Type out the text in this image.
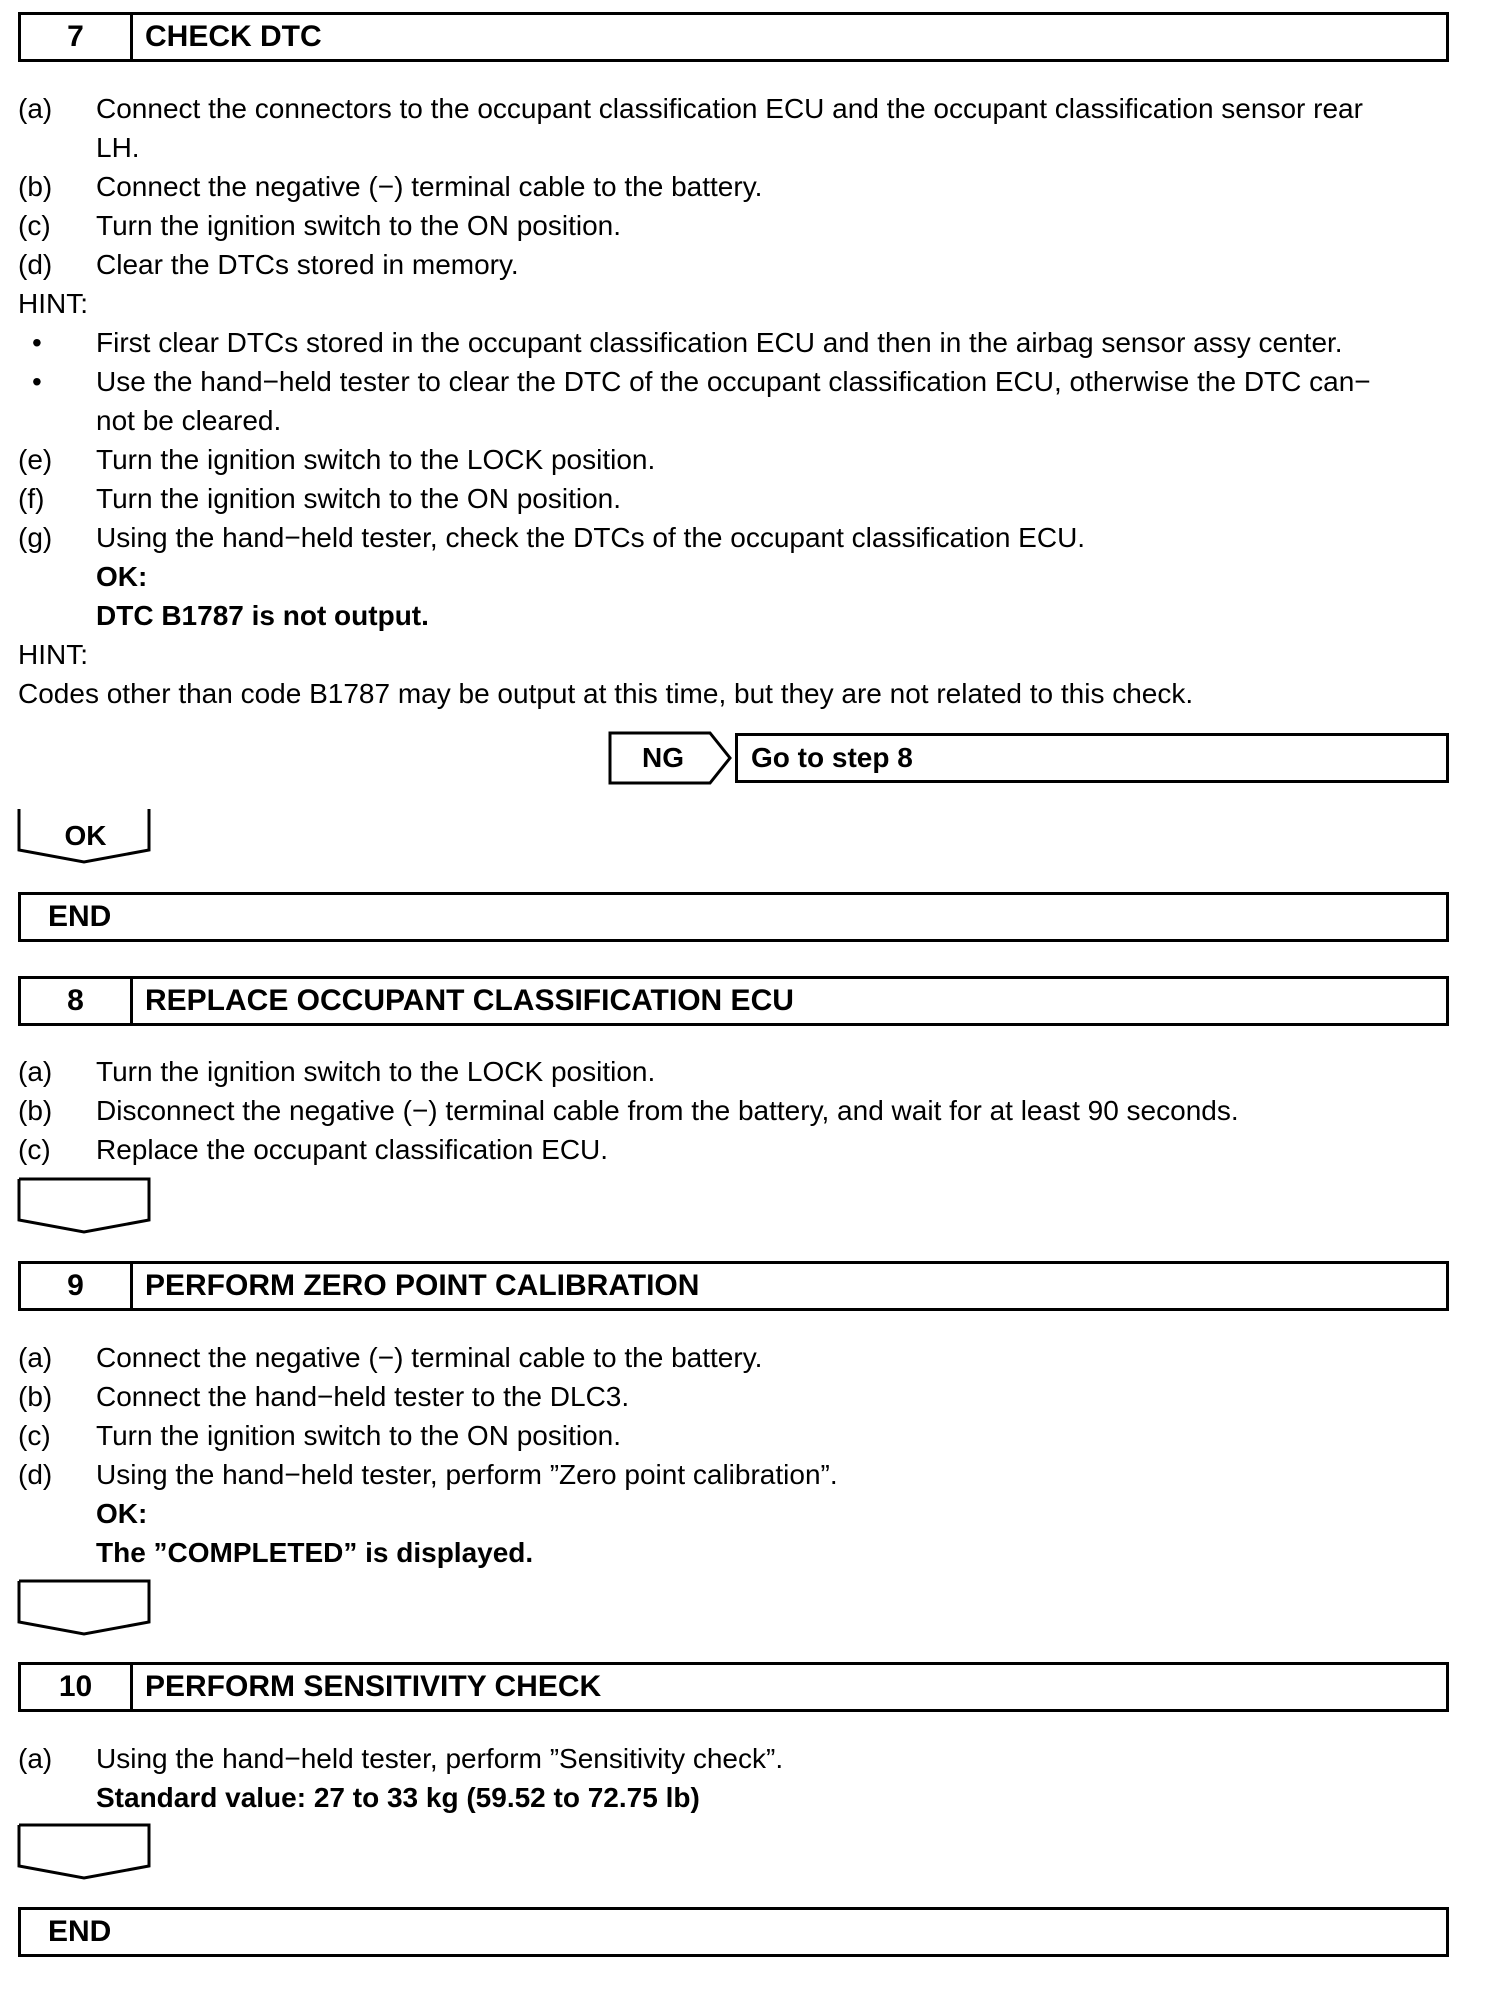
7	CHECK DTC
(a) Connect the connectors to the occupant classification ECU and the occupant classification sensor rear
LH.
(b) Connect the negative (−) terminal cable to the battery.
(c) Turn the ignition switch to the ON position.
(d) Clear the DTCs stored in memory.
HINT:
• First clear DTCs stored in the occupant classification ECU and then in the airbag sensor assy center.
• Use the hand−held tester to clear the DTC of the occupant classification ECU, otherwise the DTC can−
not be cleared.
(e) Turn the ignition switch to the LOCK position.
(f) Turn the ignition switch to the ON position.
(g) Using the hand−held tester, check the DTCs of the occupant classification ECU.
OK:
DTC B1787 is not output.
HINT:
Codes other than code B1787 may be output at this time, but they are not related to this check.
NG	Go to step 8
OK
END
8	REPLACE OCCUPANT CLASSIFICATION ECU
(a) Turn the ignition switch to the LOCK position.
(b) Disconnect the negative (−) terminal cable from the battery, and wait for at least 90 seconds.
(c) Replace the occupant classification ECU.
9	PERFORM ZERO POINT CALIBRATION
(a) Connect the negative (−) terminal cable to the battery.
(b) Connect the hand−held tester to the DLC3.
(c) Turn the ignition switch to the ON position.
(d) Using the hand−held tester, perform ”Zero point calibration”.
OK:
The ”COMPLETED” is displayed.
10	PERFORM SENSITIVITY CHECK
(a) Using the hand−held tester, perform ”Sensitivity check”.
Standard value: 27 to 33 kg (59.52 to 72.75 lb)
END
